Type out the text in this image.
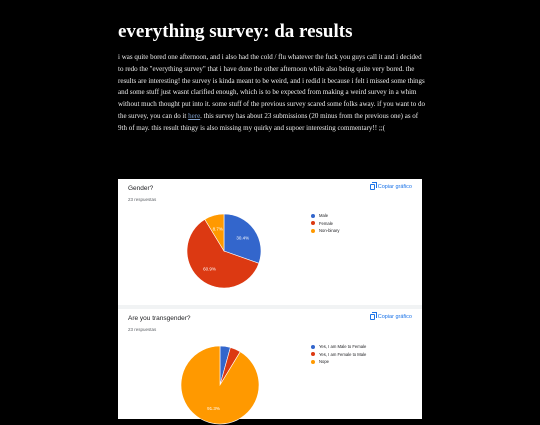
everything survey: da results

i was quite bored one afternoon, and i also had the cold / flu whatever the fuck you guys call it and i decided to redo the "everything survey" that i have done the other afternoon while also being quite very bored. the results are interesting! the survey is kinda meant to be weird, and i redid it because i felt i missed some things and some stuff just wasnt clarified enough, which is to be expected from making a weird survey in a whim without much thought put into it. some stuff of the previous survey scared some folks away. if you want to do the survey, you can do it here. this survey has about 23 submissions (20 minus from the previous one) as of 9th of may. this result thingy is also missing my quirky and supoer interesting commentary!! ;;(

Gender?
23 respuestas
Copiar gráfico
30.4%
60.9%
8.7%
Male
Female
Non-binary
Are you transgender?
23 respuestas
Copiar gráfico
91.3%
Yes, I am Male to Female
Yes, I am Female to Male
Nope
